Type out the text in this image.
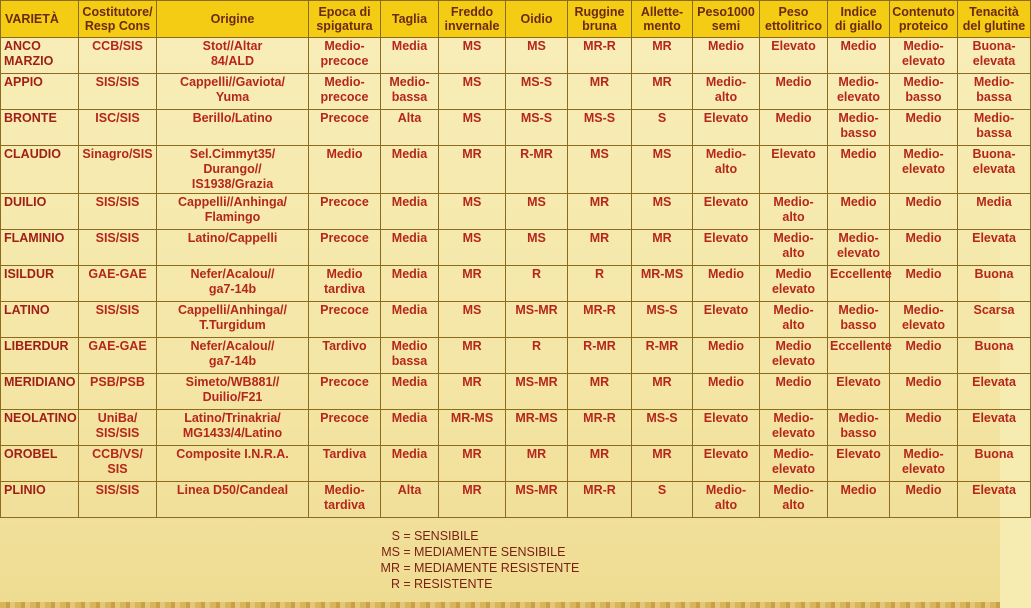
VARIETÀ	Costitutore/
Resp Cons	Origine	Epoca di
spigatura	Taglia	Freddo
invernale	Oidio	Ruggine
bruna	Allette-
mento	Peso1000
semi	Peso
ettolitrico	Indice
di giallo	Contenuto
proteico	Tenacità
del glutine

ANCO
MARZIO	CCB/SIS	Stot//Altar
84/ALD	Medio-
precoce	Media	MS	MS	MR-R	MR	Medio	Elevato	Medio	Medio-
elevato	Buona-
elevata

APPIO	SIS/SIS	Cappelli//Gaviota/
Yuma	Medio-
precoce	Medio-
bassa	MS	MS-S	MR	MR	Medio-
alto	Medio	Medio-
elevato	Medio-
basso	Medio-
bassa

BRONTE	ISC/SIS	Berillo/Latino	Precoce	Alta	MS	MS-S	MS-S	S	Elevato	Medio	Medio-
basso	Medio	Medio-
bassa

CLAUDIO	Sinagro/SIS	Sel.Cimmyt35/
Durango//
IS1938/Grazia	Medio	Media	MR	R-MR	MS	MS	Medio-
alto	Elevato	Medio	Medio-
elevato	Buona-
elevata

DUILIO	SIS/SIS	Cappelli//Anhinga/
Flamingo	Precoce	Media	MS	MS	MR	MS	Elevato	Medio-
alto	Medio	Medio	Media

FLAMINIO	SIS/SIS	Latino/Cappelli	Precoce	Media	MS	MS	MR	MR	Elevato	Medio-
alto	Medio-
elevato	Medio	Elevata

ISILDUR	GAE-GAE	Nefer/Acalou//
ga7-14b	Medio
tardiva	Media	MR	R	R	MR-MS	Medio	Medio
elevato	Eccellente	Medio	Buona

LATINO	SIS/SIS	Cappelli/Anhinga//
T.Turgidum	Precoce	Media	MS	MS-MR	MR-R	MS-S	Elevato	Medio-
alto	Medio-
basso	Medio-
elevato	Scarsa

LIBERDUR	GAE-GAE	Nefer/Acalou//
ga7-14b	Tardivo	Medio
bassa	MR	R	R-MR	R-MR	Medio	Medio
elevato	Eccellente	Medio	Buona

MERIDIANO	PSB/PSB	Simeto/WB881//
Duilio/F21	Precoce	Media	MR	MS-MR	MR	MR	Medio	Medio	Elevato	Medio	Elevata

NEOLATINO	UniBa/
SIS/SIS	Latino/Trinakria/
MG1433/4/Latino	Precoce	Media	MR-MS	MR-MS	MR-R	MS-S	Elevato	Medio-
elevato	Medio-
basso	Medio	Elevata

OROBEL	CCB/VS/
SIS	Composite I.N.R.A.	Tardiva	Media	MR	MR	MR	MR	Elevato	Medio-
elevato	Elevato	Medio-
elevato	Buona

PLINIO	SIS/SIS	Linea D50/Candeal	Medio-
tardiva	Alta	MR	MS-MR	MR-R	S	Medio-
alto	Medio-
alto	Medio	Medio	Elevata
S = SENSIBILE
MS = MEDIAMENTE SENSIBILE
MR = MEDIAMENTE RESISTENTE
R = RESISTENTE
